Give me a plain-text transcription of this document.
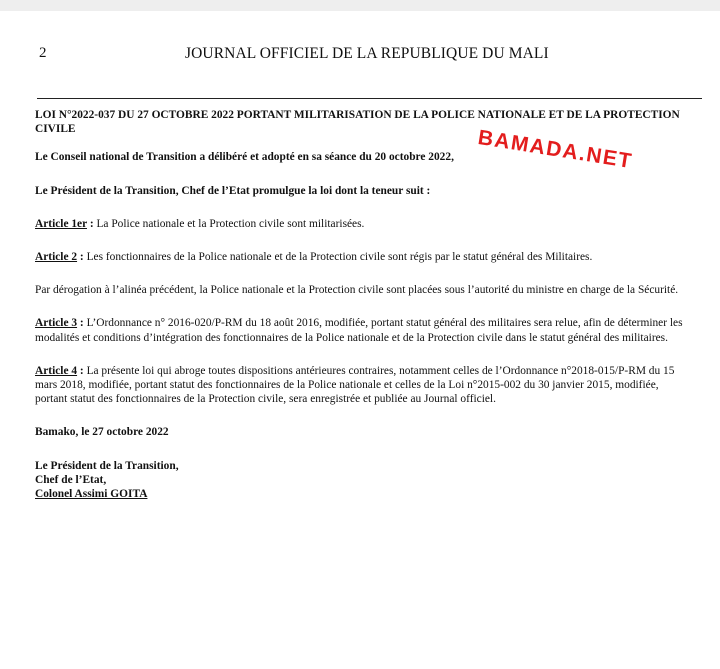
2	JOURNAL OFFICIEL DE LA REPUBLIQUE DU MALI

LOI N°2022-037 DU 27 OCTOBRE 2022 PORTANT MILITARISATION DE LA POLICE NATIONALE ET DE LA PROTECTION CIVILE

Le Conseil national de Transition a délibéré et adopté en sa séance du 20 octobre 2022,

Le Président de la Transition, Chef de l’Etat promulgue la loi dont la teneur suit :

Article 1er : La Police nationale et la Protection civile sont militarisées.

Article 2 : Les fonctionnaires de la Police nationale et de la Protection civile sont régis par le statut général des Militaires.

Par dérogation à l’alinéa précédent, la Police nationale et la Protection civile sont placées sous l’autorité du ministre en charge de la Sécurité.

Article 3 : L’Ordonnance n° 2016-020/P-RM du 18 août 2016, modifiée, portant statut général des militaires sera relue, afin de déterminer les modalités et conditions d’intégration des fonctionnaires de la Police nationale et de la Protection civile dans le statut général des militaires.

Article 4 : La présente loi qui abroge toutes dispositions antérieures contraires, notamment celles de l’Ordonnance n°2018-015/P-RM du 15 mars 2018, modifiée, portant statut des fonctionnaires de la Police nationale et celles de la Loi n°2015-002 du 30 janvier 2015, modifiée, portant statut des fonctionnaires de la Protection civile, sera enregistrée et publiée au Journal officiel.

Bamako, le 27 octobre 2022

Le Président de la Transition,

Chef de l’Etat,

Colonel Assimi GOITA

BAMADA.NET
